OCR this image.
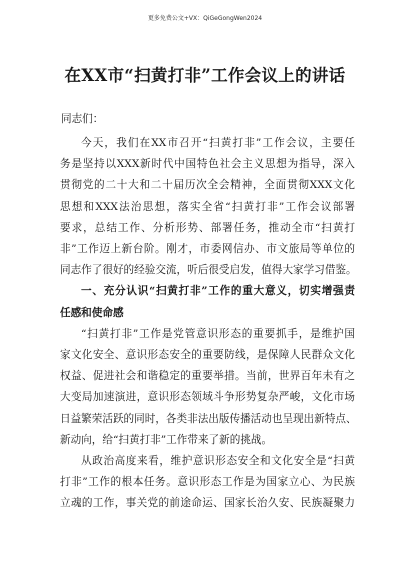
更多免费公文+VX：QiGeGongWen2024
在XX市“扫黄打非”工作会议上的讲话
同志们：

今天，我们在XX市召开“扫黄打非”工作会议，主要任
务是坚持以XXX新时代中国特色社会主义思想为指导，深入
贯彻党的二十大和二十届历次全会精神，全面贯彻XXX文化
思想和XXX法治思想，落实全省“扫黄打非”工作会议部署
要求，总结工作、分析形势、部署任务，推动全市“扫黄打
非”工作迈上新台阶。刚才，市委网信办、市文旅局等单位的
同志作了很好的经验交流，听后很受启发，值得大家学习借鉴。

一、充分认识“扫黄打非”工作的重大意义，切实增强责
任感和使命感

“扫黄打非”工作是党管意识形态的重要抓手，是维护国
家文化安全、意识形态安全的重要防线，是保障人民群众文化
权益、促进社会和谐稳定的重要举措。当前，世界百年未有之
大变局加速演进，意识形态领域斗争形势复杂严峻，文化市场
日益繁荣活跃的同时，各类非法出版传播活动也呈现出新特点、
新动向，给“扫黄打非”工作带来了新的挑战。

从政治高度来看，维护意识形态安全和文化安全是“扫黄
打非”工作的根本任务。意识形态工作是为国家立心、为民族
立魂的工作，事关党的前途命运、国家长治久安、民族凝聚力
